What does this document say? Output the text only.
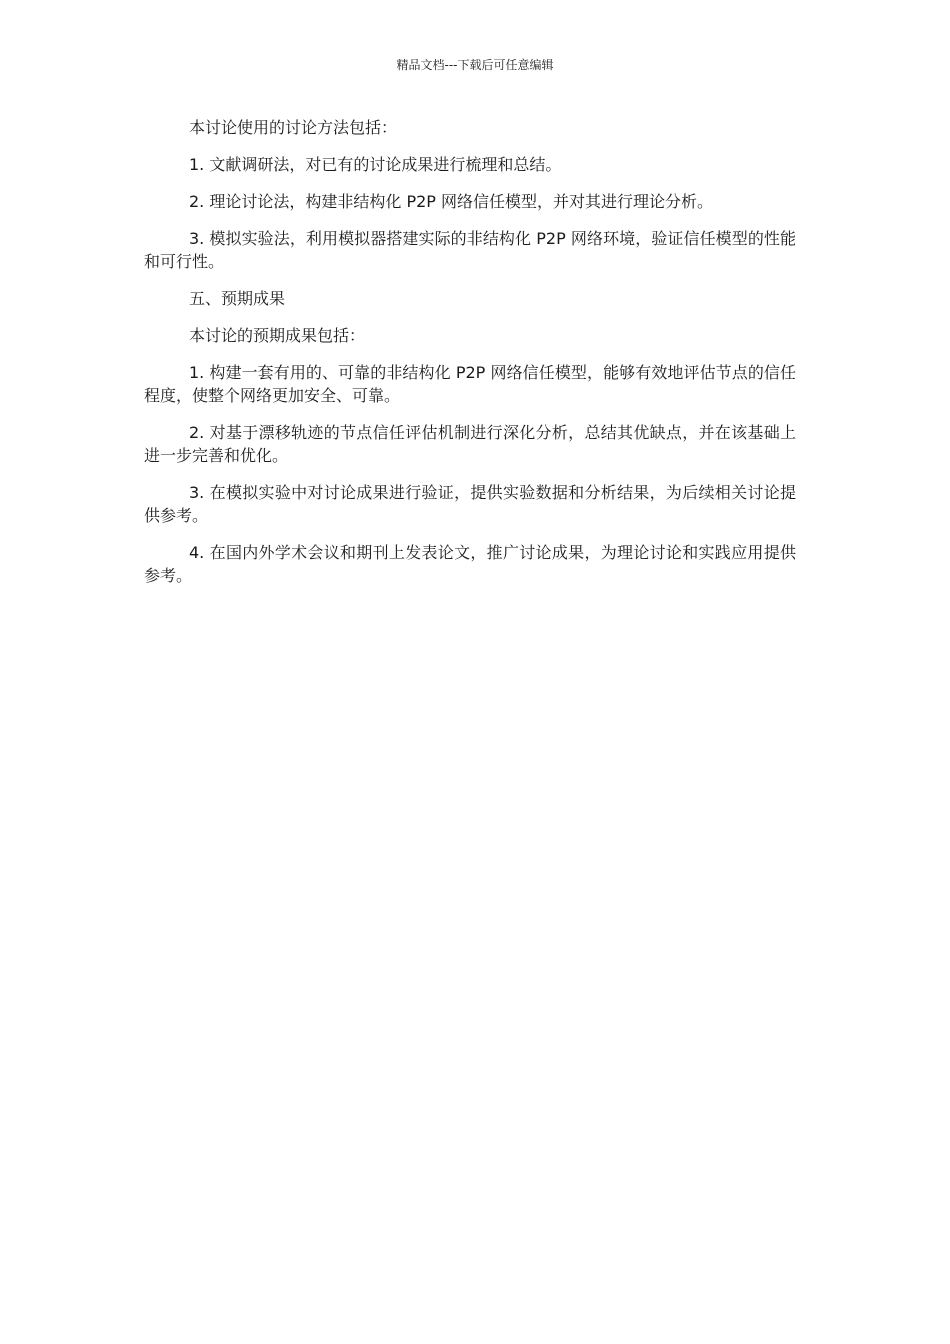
精品文档---下载后可任意编辑

本讨论使用的讨论方法包括：

1. 文献调研法，对已有的讨论成果进行梳理和总结。

2. 理论讨论法，构建非结构化 P2P 网络信任模型，并对其进行理论分析。

3. 模拟实验法，利用模拟器搭建实际的非结构化 P2P 网络环境，验证信任模型的性能和可行性。

五、预期成果

本讨论的预期成果包括：

1. 构建一套有用的、可靠的非结构化 P2P 网络信任模型，能够有效地评估节点的信任程度，使整个网络更加安全、可靠。

2. 对基于漂移轨迹的节点信任评估机制进行深化分析，总结其优缺点，并在该基础上进一步完善和优化。

3. 在模拟实验中对讨论成果进行验证，提供实验数据和分析结果，为后续相关讨论提供参考。

4. 在国内外学术会议和期刊上发表论文，推广讨论成果，为理论讨论和实践应用提供参考。
